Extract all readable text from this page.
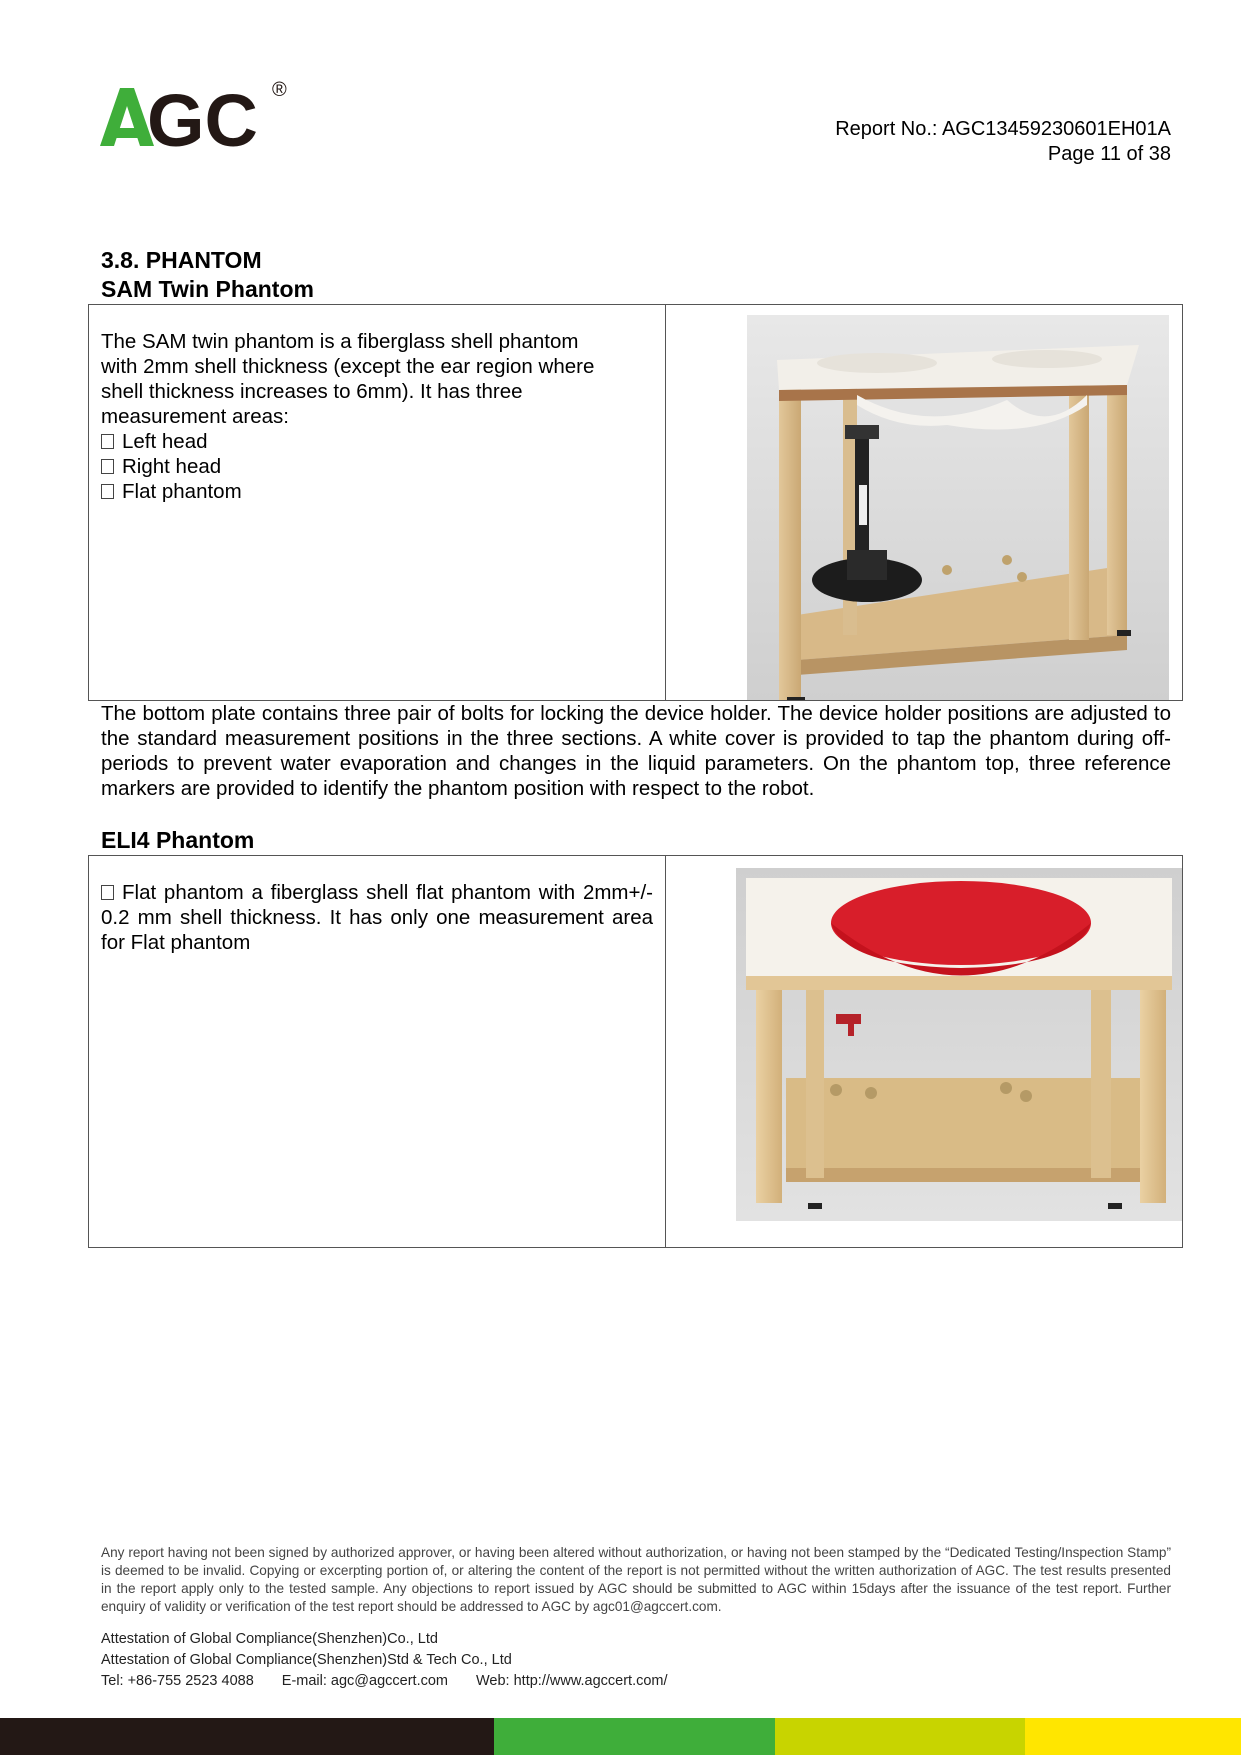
GC ®
Report No.: AGC13459230601EH01A
Page 11 of 38
3.8. PHANTOM
SAM Twin Phantom
The SAM twin phantom is a fiberglass shell phantom
with 2mm shell thickness (except the ear region where
shell thickness increases to 6mm). It has three
measurement areas:
Left head
Right head
Flat phantom

The bottom plate contains three pair of bolts for locking the device holder. The device holder positions are adjusted to the standard measurement positions in the three sections. A white cover is provided to tap the phantom during off-periods to prevent water evaporation and changes in the liquid parameters. On the phantom top, three reference markers are provided to identify the phantom position with respect to the robot.
ELI4 Phantom
Flat phantom a fiberglass shell flat phantom with 2mm+/- 0.2 mm shell thickness. It has only one measurement area for Flat phantom	
Any report having not been signed by authorized approver, or having been altered without authorization, or having not been stamped by the “Dedicated Testing/Inspection Stamp” is deemed to be invalid. Copying or excerpting portion of, or altering the content of the report is not permitted without the written authorization of AGC. The test results presented in the report apply only to the tested sample. Any objections to report issued by AGC should be submitted to AGC within 15days after the issuance of the test report. Further enquiry of validity or verification of the test report should be addressed to AGC by agc01@agccert.com.
Attestation of Global Compliance(Shenzhen)Co., Ltd
Attestation of Global Compliance(Shenzhen)Std & Tech Co., Ltd
Tel: +86-755 2523 4088 E-mail: agc@agccert.com Web: http://www.agccert.com/
